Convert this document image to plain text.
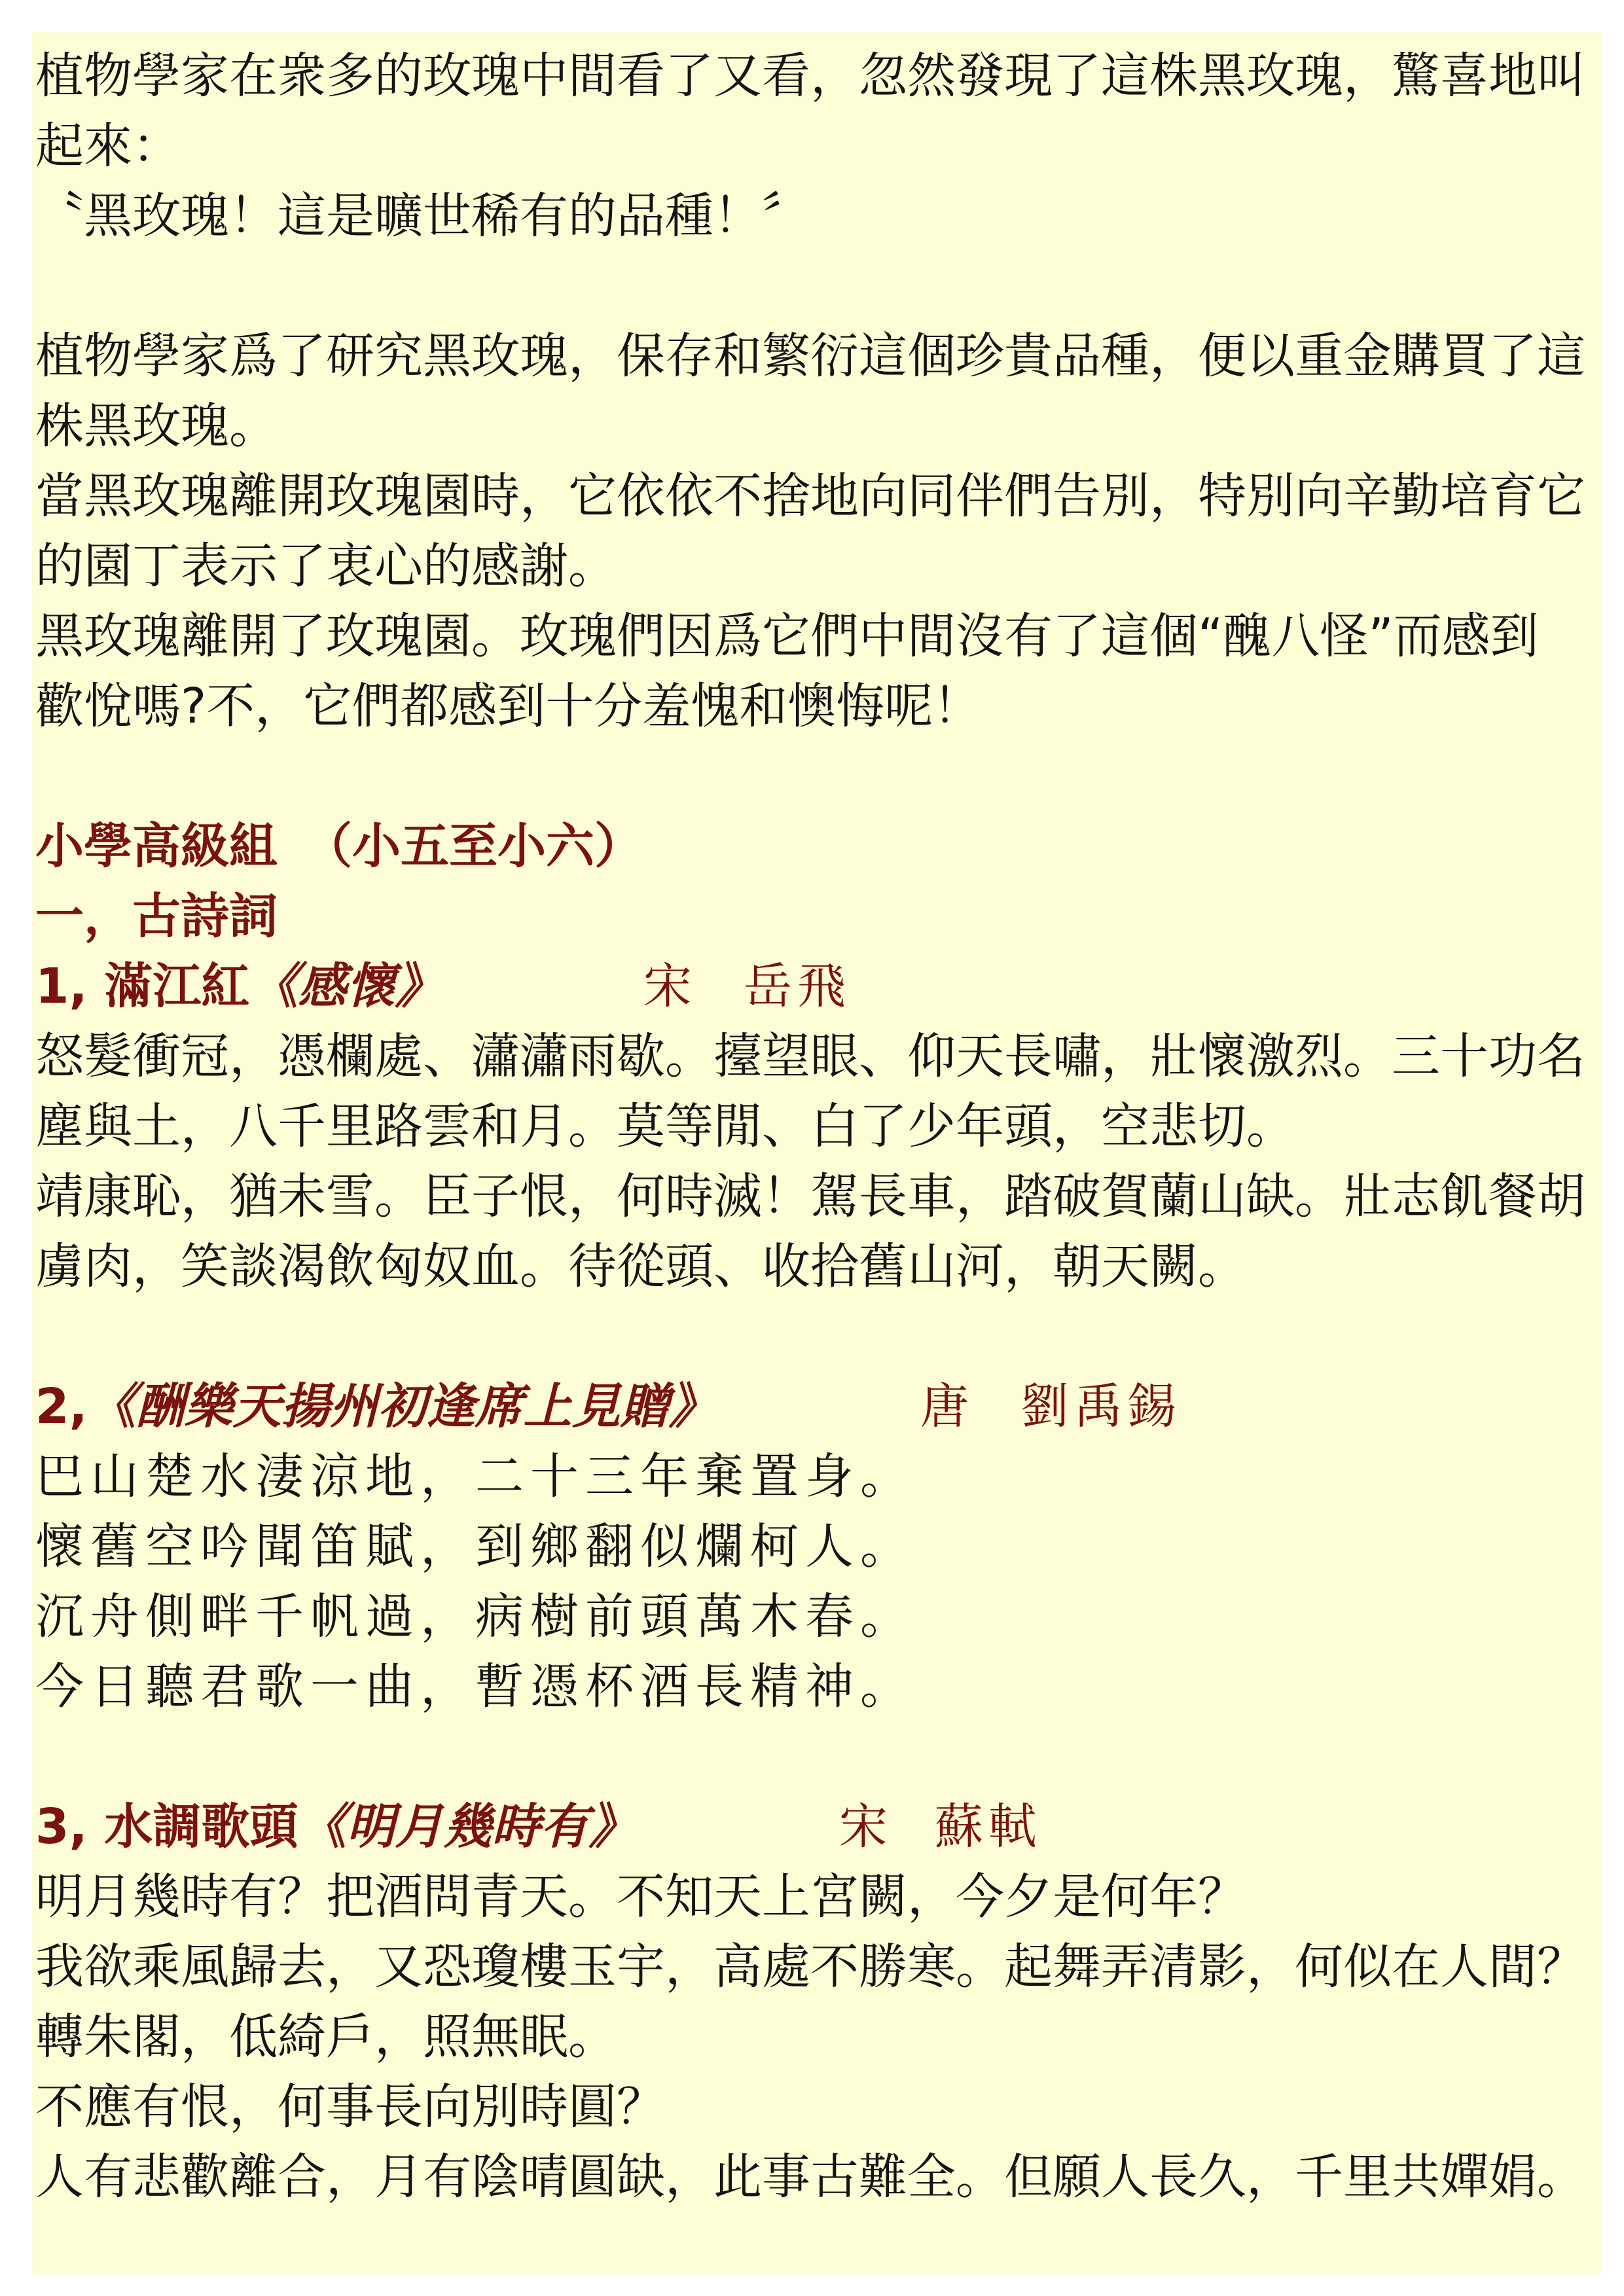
植物學家在衆多的玫瑰中間看了又看，忽然發現了這株黑玫瑰，驚喜地叫
起來：
〝黑玫瑰！這是曠世稀有的品種！〞
植物學家爲了研究黑玫瑰，保存和繁衍這個珍貴品種，便以重金購買了這
株黑玫瑰。
當黑玫瑰離開玫瑰園時，它依依不捨地向同伴們告別，特別向辛勤培育它
的園丁表示了衷心的感謝。
黑玫瑰離開了玫瑰園。玫瑰們因爲它們中間沒有了這個“醜八怪”而感到
歡悅嗎?不，它們都感到十分羞愧和懊悔呢！
小學高級組 （小五至小六）
一，古詩詞
1, 滿江紅《感懷》	宋 岳飛
怒髮衝冠，憑欄處、瀟瀟雨歇。擡望眼、仰天長嘯，壯懷激烈。三十功名
塵與土，八千里路雲和月。莫等閒、白了少年頭，空悲切。
靖康恥，猶未雪。臣子恨，何時滅！駕長車，踏破賀蘭山缺。壯志飢餐胡
虜肉，笑談渴飲匈奴血。待從頭、收拾舊山河，朝天闕。
2,《酬樂天揚州初逢席上見贈》	唐 劉禹錫
巴山楚水淒涼地，二十三年棄置身。
懷舊空吟聞笛賦，到鄉翻似爛柯人。
沉舟側畔千帆過，病樹前頭萬木春。
今日聽君歌一曲，暫憑杯酒長精神。
3, 水調歌頭《明月幾時有》	宋 蘇軾
明月幾時有？把酒問青天。不知天上宮闕，今夕是何年？
我欲乘風歸去，又恐瓊樓玉宇，高處不勝寒。起舞弄清影，何似在人間？
轉朱閣，低綺戶，照無眠。
不應有恨，何事長向別時圓？
人有悲歡離合，月有陰晴圓缺，此事古難全。但願人長久，千里共嬋娟。
